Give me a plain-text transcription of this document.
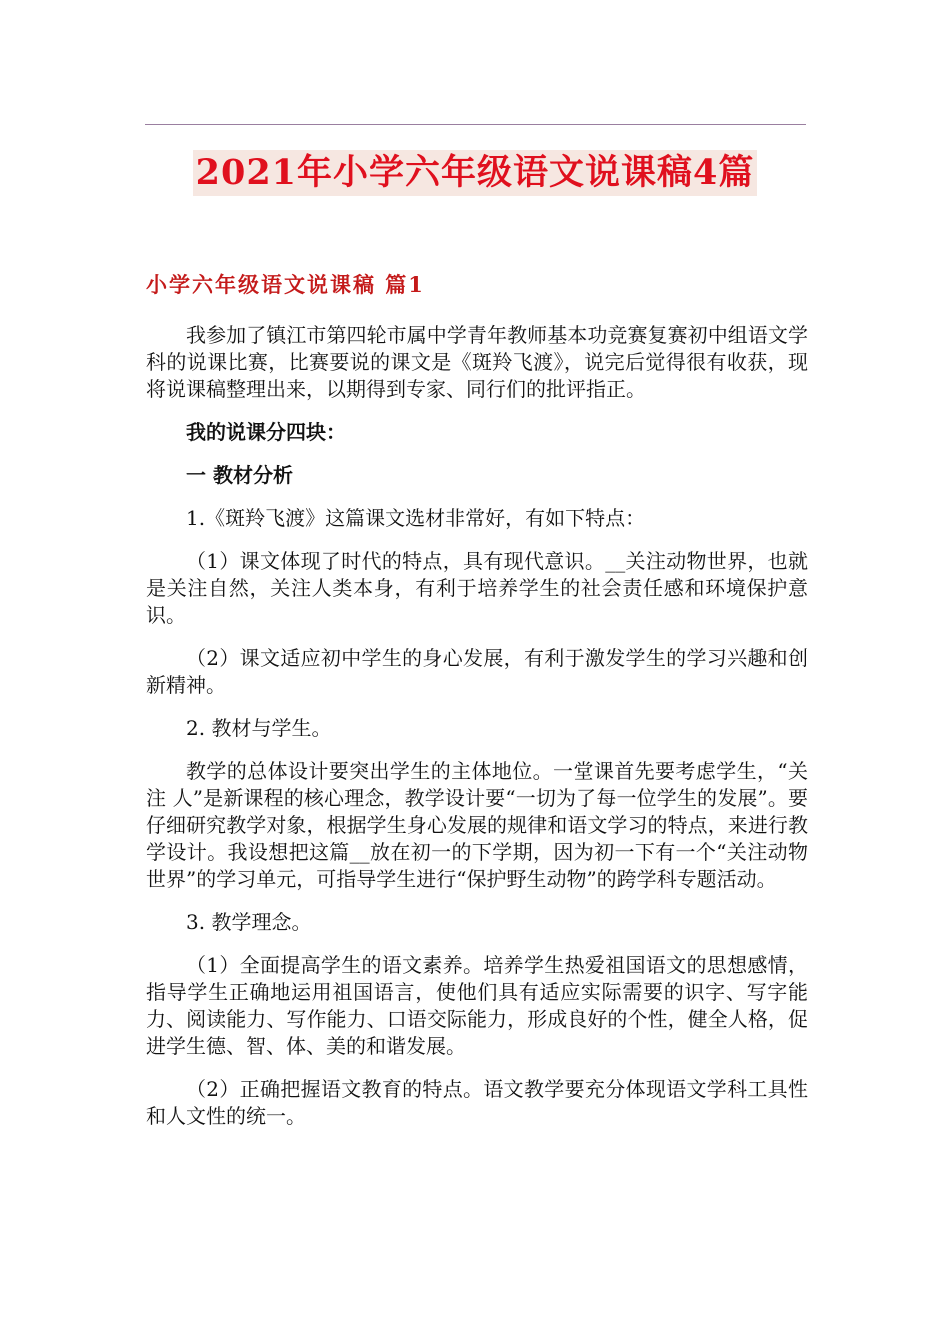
2021年小学六年级语文说课稿4篇
小学六年级语文说课稿 篇1

我参加了镇江市第四轮市属中学青年教师基本功竞赛复赛初中组语文学科的说课比赛，比赛要说的课文是《斑羚飞渡》，说完后觉得很有收获，现将说课稿整理出来，以期得到专家、同行们的批评指正。

我的说课分四块：

一 教材分析

1.《斑羚飞渡》这篇课文选材非常好，有如下特点：

（1）课文体现了时代的特点，具有现代意识。__关注动物世界，也就是关注自然，关注人类本身，有利于培养学生的社会责任感和环境保护意识。

（2）课文适应初中学生的身心发展，有利于激发学生的学习兴趣和创新精神。

2. 教材与学生。

教学的总体设计要突出学生的主体地位。一堂课首先要考虑学生，“关注 人”是新课程的核心理念，教学设计要“一切为了每一位学生的发展”。要仔细研究教学对象，根据学生身心发展的规律和语文学习的特点，来进行教学设计。我设想把这篇__放在初一的下学期，因为初一下有一个“关注动物世界”的学习单元，可指导学生进行“保护野生动物”的跨学科专题活动。

3. 教学理念。

（1）全面提高学生的语文素养。培养学生热爱祖国语文的思想感情，指导学生正确地运用祖国语言，使他们具有适应实际需要的识字、写字能力、阅读能力、写作能力、口语交际能力，形成良好的个性，健全人格，促进学生德、智、体、美的和谐发展。

（2）正确把握语文教育的特点。语文教学要充分体现语文学科工具性和人文性的统一。
